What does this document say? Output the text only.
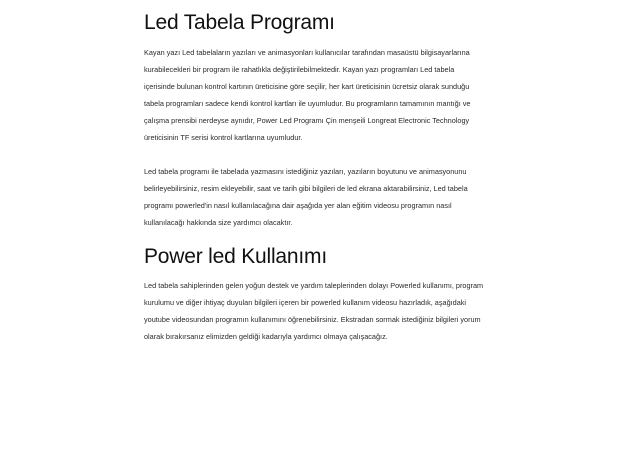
Led Tabela Programı

Kayan yazı Led tabelaların yazıları ve animasyonları kullanıcılar tarafından masaüstü bilgisayarlarına
kurabilecekleri bir program ile rahatlıkla değiştirilebilmektedir. Kayan yazı programları Led tabela
içerisinde bulunan kontrol kartının üreticisine göre seçilir, her kart üreticisinin ücretsiz olarak sunduğu
tabela programları sadece kendi kontrol kartları ile uyumludur. Bu programların tamamının mantığı ve
çalışma prensibi nerdeyse aynıdır, Power Led Programı Çin menşeili Longreat Electronic Technology
üreticisinin TF serisi kontrol kartlarına uyumludur.

Led tabela programı ile tabelada yazmasını istediğiniz yazıları, yazıların boyutunu ve animasyonunu
belirleyebilirsiniz, resim ekleyebilir, saat ve tarih gibi bilgileri de led ekrana aktarabilirsiniz, Led tabela
programı powerled'in nasıl kullanılacağına dair aşağıda yer alan eğitim videosu programın nasıl
kullanılacağı hakkında size yardımcı olacaktır.

Power led Kullanımı

Led tabela sahiplerinden gelen yoğun destek ve yardım taleplerinden dolayı Powerled kullanımı, program
kurulumu ve diğer ihtiyaç duyulan bilgileri içeren bir powerled kullanım videosu hazırladık, aşağıdaki
youtube videosundan programın kullanımını öğrenebilirsiniz. Ekstradan sormak istediğiniz bilgileri yorum
olarak bırakırsanız elimizden geldiği kadarıyla yardımcı olmaya çalışacağız.
